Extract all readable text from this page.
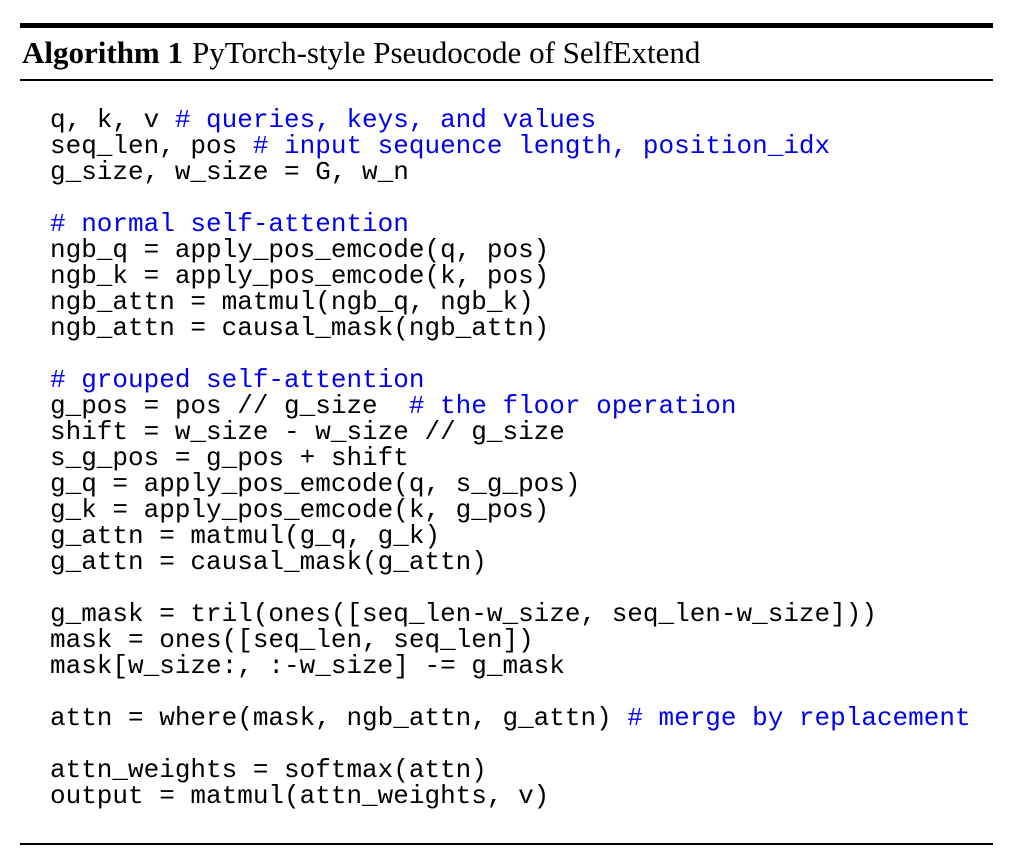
Algorithm 1 PyTorch-style Pseudocode of SelfExtend
q, k, v # queries, keys, and values
seq_len, pos # input sequence length, position_idx
g_size, w_size = G, w_n

# normal self-attention
ngb_q = apply_pos_emcode(q, pos)
ngb_k = apply_pos_emcode(k, pos)
ngb_attn = matmul(ngb_q, ngb_k)
ngb_attn = causal_mask(ngb_attn)

# grouped self-attention
g_pos = pos // g_size  # the floor operation
shift = w_size - w_size // g_size
s_g_pos = g_pos + shift
g_q = apply_pos_emcode(q, s_g_pos)
g_k = apply_pos_emcode(k, g_pos)
g_attn = matmul(g_q, g_k)
g_attn = causal_mask(g_attn)

g_mask = tril(ones([seq_len-w_size, seq_len-w_size]))
mask = ones([seq_len, seq_len])
mask[w_size:, :-w_size] -= g_mask

attn = where(mask, ngb_attn, g_attn) # merge by replacement

attn_weights = softmax(attn)
output = matmul(attn_weights, v)
